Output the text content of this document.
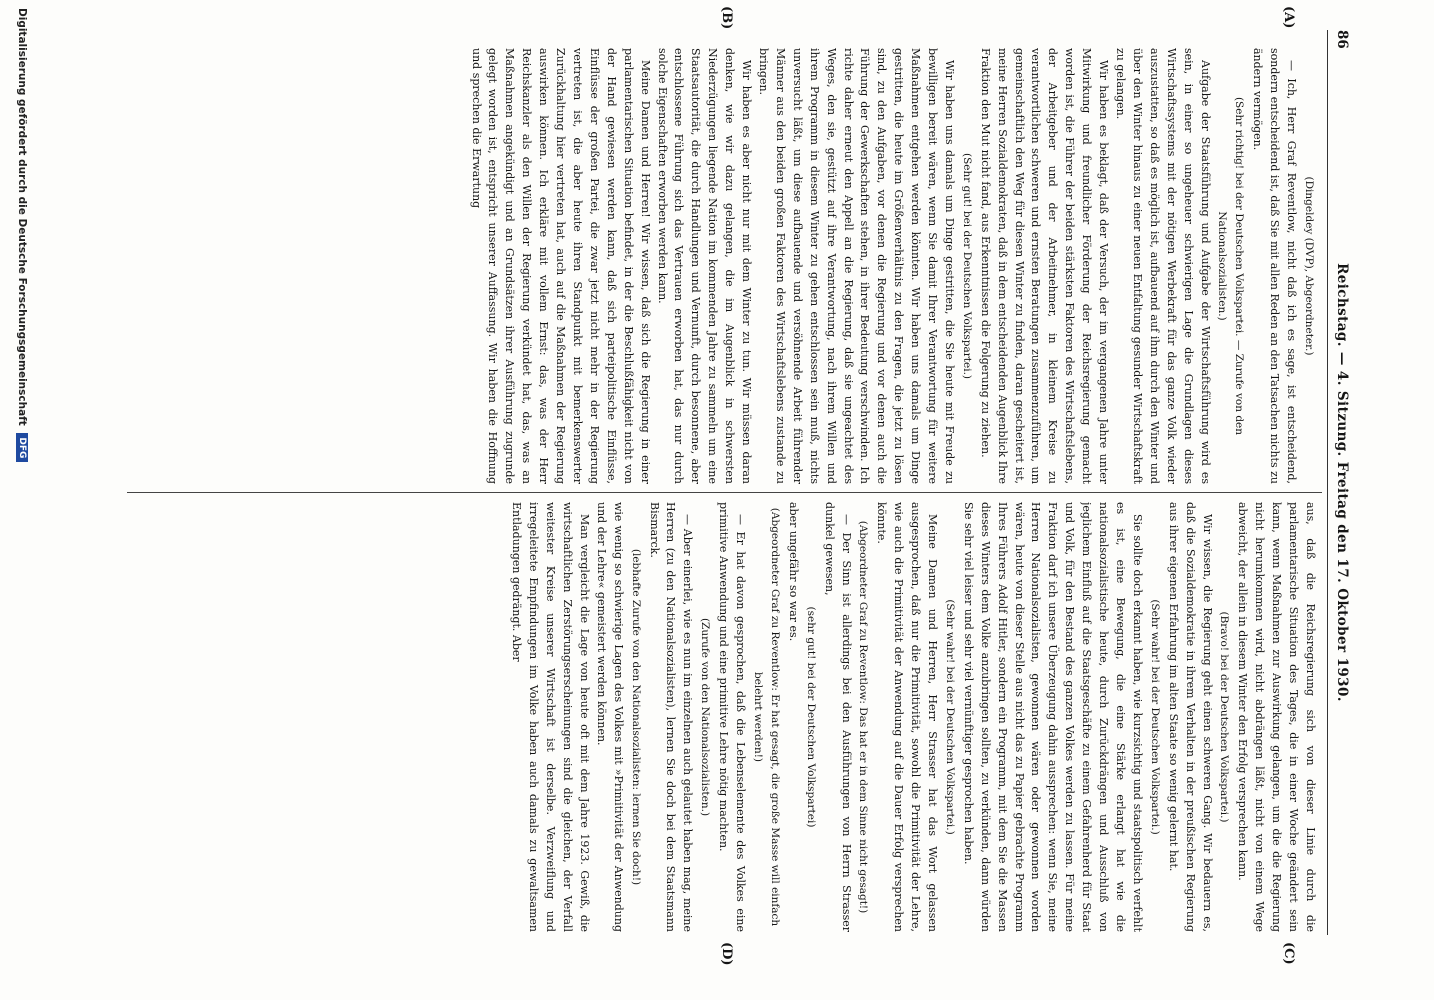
86
Reichstag. — 4. Sitzung. Freitag den 17. Oktober 1930.
(A)
(B)
(C)
(D)

(Dingeldey (DVP), Abgeordneter.)

— Ich, Herr Graf Reventlow, nicht daß ich es sage, ist entscheidend, sondern entscheidend ist, daß Sie mit allen Reden an den Tatsachen nichts zu ändern vermögen.

(Sehr richtig! bei der Deutschen Volkspartei. — Zurufe von den Nationalsozialisten.)

Aufgabe der Staatsführung und Aufgabe der Wirtschaftsführung wird es sein, in einer so ungeheuer schwierigen Lage die Grundlagen dieses Wirtschaftssystems mit der nötigen Werbekraft für das ganze Volk wieder auszustatten, so daß es möglich ist, aufbauend auf ihm durch den Winter und über den Winter hinaus zu einer neuen Entfaltung gesunder Wirtschaftskraft zu gelangen.

Wir haben es beklagt, daß der Versuch, der im vergangenen Jahre unter Mitwirkung und freundlicher Förderung der Reichsregierung gemacht worden ist, die Führer der beiden stärksten Faktoren des Wirtschaftslebens, der Arbeitgeber und der Arbeitnehmer, in kleinem Kreise zu verantwortlichen schweren und ernsten Beratungen zusammenzuführen, um gemeinschaftlich den Weg für diesen Winter zu finden, daran gescheitert ist, meine Herren Sozialdemokraten, daß in dem entscheidenden Augenblick Ihre Fraktion den Mut nicht fand, aus Erkenntnissen die Folgerung zu ziehen.

(Sehr gut! bei der Deutschen Volkspartei.)

Wir haben uns damals um Dinge gestritten, die Sie heute mit Freude zu bewilligen bereit wären, wenn Sie damit Ihrer Verantwortung für weitere Maßnahmen entgehen werden könnten. Wir haben uns damals um Dinge gestritten, die heute im Größenverhältnis zu den Fragen, die jetzt zu lösen sind, zu den Aufgaben, vor denen die Regierung und vor denen auch die Führung der Gewerkschaften stehen, in ihrer Bedeutung verschwinden. Ich richte daher erneut den Appell an die Regierung, daß sie ungeachtet des Weges, den sie, gestützt auf ihre Verantwortung, nach ihrem Willen und ihrem Programm in diesem Winter zu gehen entschlossen sein muß, nichts unversucht läßt, um diese aufbauende und versöhnende Arbeit führender Männer aus den beiden großen Faktoren des Wirtschaftslebens zustande zu bringen.

Wir haben es aber nicht nur mit dem Winter zu tun. Wir müssen daran denken, wie wir dazu gelangen, die im Augenblick in schwersten Niederzügungen liegende Nation im kommenden Jahre zu sammeln um eine Staatsautorität, die durch Handlungen und Vernunft, durch besonnene, aber entschlossene Führung sich das Vertrauen erworben hat, das nur durch solche Eigenschaften erworben werden kann.

Meine Damen und Herren! Wir wissen, daß sich die Regierung in einer parlamentarischen Situation befindet, in der die Beschlußfähigkeit nicht von der Hand gewiesen werden kann, daß sich parteipolitische Einflüsse, Einflüsse der großen Partei, die zwar jetzt nicht mehr in der Regierung vertreten ist, die aber heute ihren Standpunkt mit bemerkenswerter Zurückhaltung hier vertreten hat, auch auf die Maßnahmen der Regierung auswirken können. Ich erkläre mit vollem Ernst: das, was der Herr Reichskanzler als den Willen der Regierung verkündet hat, das, was an Maßnahmen angekündigt und an Grundsätzen ihrer Ausführung zugrunde gelegt worden ist, entspricht unserer Auffassung. Wir haben die Hoffnung und sprechen die Erwartung

aus, daß die Reichsregierung sich von dieser Linie durch die parlamentarische Situation des Tages, die in einer Woche geändert sein kann, wenn Maßnahmen zur Auswirkung gelangen, um die die Regierung nicht herumkommen wird, nicht abdrängen läßt, nicht von einem Wege abweicht, der allein in diesem Winter den Erfolg versprechen kann.

(Bravo! bei der Deutschen Volkspartei.)

Wir wissen, die Regierung geht einen schweren Gang. Wir bedauern es, daß die Sozialdemokratie in ihrem Verhalten in der preußischen Regierung aus ihrer eigenen Erfahrung im alten Staate so wenig gelernt hat.

(Sehr wahr! bei der Deutschen Volkspartei.)

Sie sollte doch erkannt haben, wie kurzsichtig und staatspolitisch verfehlt es ist, eine Bewegung, die eine Stärke erlangt hat wie die nationalsozialistische heute, durch Zurückdrängen und Ausschluß von jeglichem Einfluß auf die Staatsgeschäfte zu einem Gefahrenherd für Staat und Volk, für den Bestand des ganzen Volkes werden zu lassen. Für meine Fraktion darf ich unsere Überzeugung dahin aussprechen: wenn Sie, meine Herren Nationalsozialisten, gewonnen wären oder gewonnen worden wären, heute von dieser Stelle aus nicht das zu Papier gebrachte Programm Ihres Führers Adolf Hitler, sondern ein Programm, mit dem Sie die Massen dieses Winters dem Volke anzubringen sollten, zu verkünden, dann würden Sie sehr viel leiser und sehr viel vernünftiger gesprochen haben.

(Sehr wahr! bei der Deutschen Volkspartei.)

Meine Damen und Herren, Herr Strasser hat das Wort gelassen ausgesprochen, daß nur die Primitivität, sowohl die Primitivität der Lehre, wie auch die Primitivität der Anwendung auf die Dauer Erfolg versprechen könnte.

(Abgeordneter Graf zu Reventlow: Das hat er in dem Sinne nicht gesagt!)

— Der Sinn ist allerdings bei den Ausführungen von Herrn Strasser dunkel gewesen,

(sehr gut! bei der Deutschen Volkspartei)

aber ungefähr so war es.

(Abgeordneter Graf zu Reventlow: Er hat gesagt, die große Masse will einfach belehrt werden!)

— Er hat davon gesprochen, daß die Lebenselemente des Volkes eine primitive Anwendung und eine primitive Lehre nötig machten.

(Zurufe von den Nationalsozialisten.)

— Aber einerlei, wie es nun im einzelnen auch gelautet haben mag, meine Herren (zu den Nationalsozialisten), lernen Sie doch bei dem Staatsmann Bismarck.

(lebhafte Zurufe von den Nationalsozialisten: lernen Sie doch!)

wie wenig so schwierige Lagen des Volkes mit »Primitivität der Anwendung und der Lehre« gemeistert werden können.

Man vergleicht die Lage von heute oft mit dem Jahre 1923. Gewiß, die wirtschaftlichen Zerstörungserscheinungen sind die gleichen, der Verfall weitester Kreise unserer Wirtschaft ist derselbe. Verzweiflung und irregeleitete Empfindungen im Volke haben auch damals zu gewaltsamen Entladungen gedrängt. Aber

Digitalisierung gefördert durch die Deutsche Forschungsgemeinschaft DFG
